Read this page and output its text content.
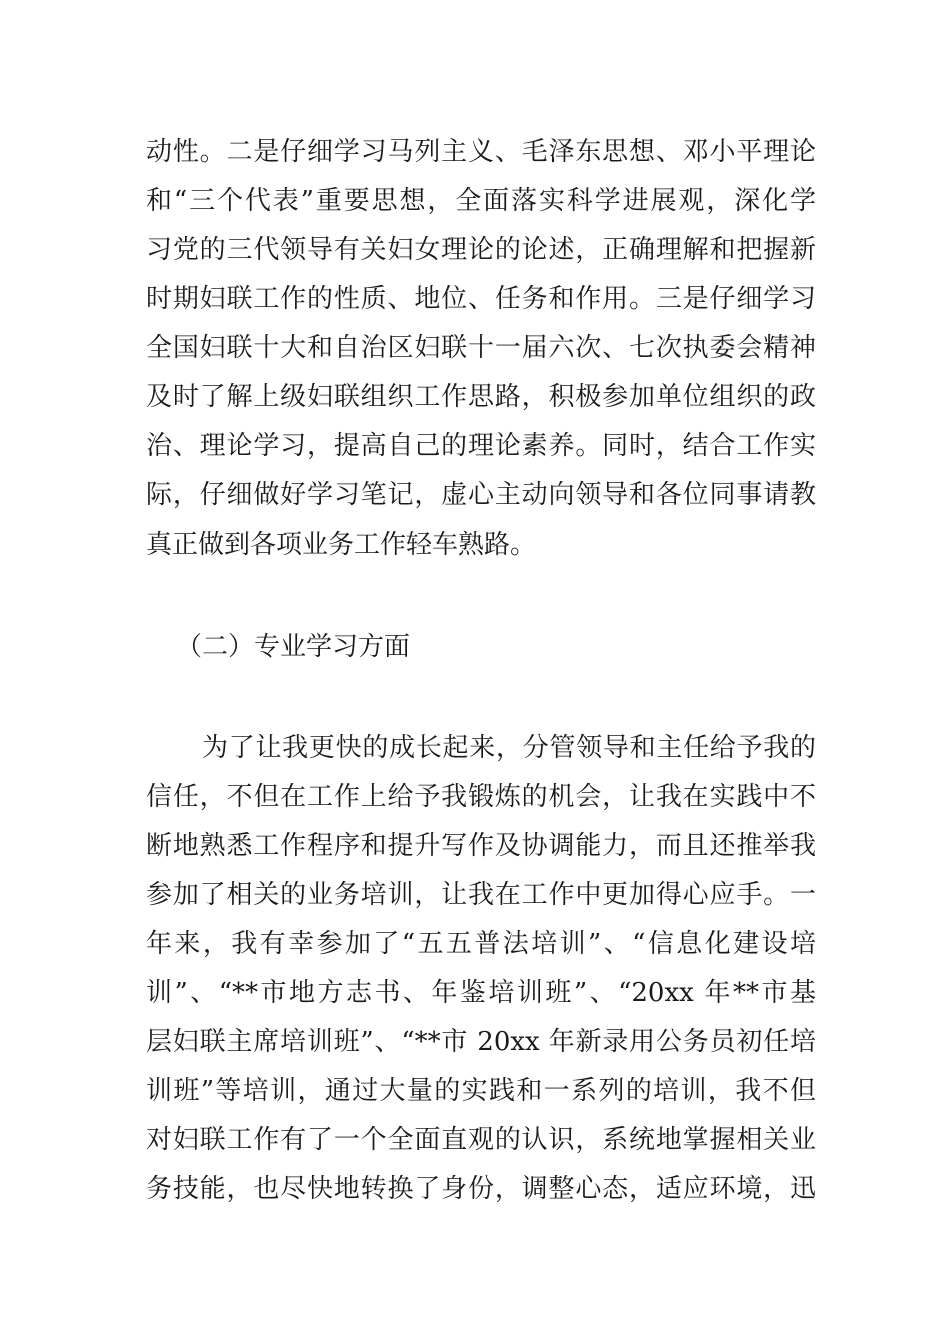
动性。二是仔细学习马列主义、毛泽东思想、邓小平理论
和“三个代表”重要思想，全面落实科学进展观，深化学
习党的三代领导有关妇女理论的论述，正确理解和把握新
时期妇联工作的性质、地位、任务和作用。三是仔细学习
全国妇联十大和自治区妇联十一届六次、七次执委会精神
及时了解上级妇联组织工作思路，积极参加单位组织的政
治、理论学习，提高自己的理论素养。同时，结合工作实
际，仔细做好学习笔记，虚心主动向领导和各位同事请教
真正做到各项业务工作轻车熟路。
（二）专业学习方面
为了让我更快的成长起来，分管领导和主任给予我的
信任，不但在工作上给予我锻炼的机会，让我在实践中不
断地熟悉工作程序和提升写作及协调能力，而且还推举我
参加了相关的业务培训，让我在工作中更加得心应手。一
年来，我有幸参加了“五五普法培训”、“信息化建设培
训”、“**市地方志书、年鉴培训班”、“20xx 年**市基
层妇联主席培训班”、“**市 20xx 年新录用公务员初任培
训班”等培训，通过大量的实践和一系列的培训，我不但
对妇联工作有了一个全面直观的认识，系统地掌握相关业
务技能，也尽快地转换了身份，调整心态，适应环境，迅
